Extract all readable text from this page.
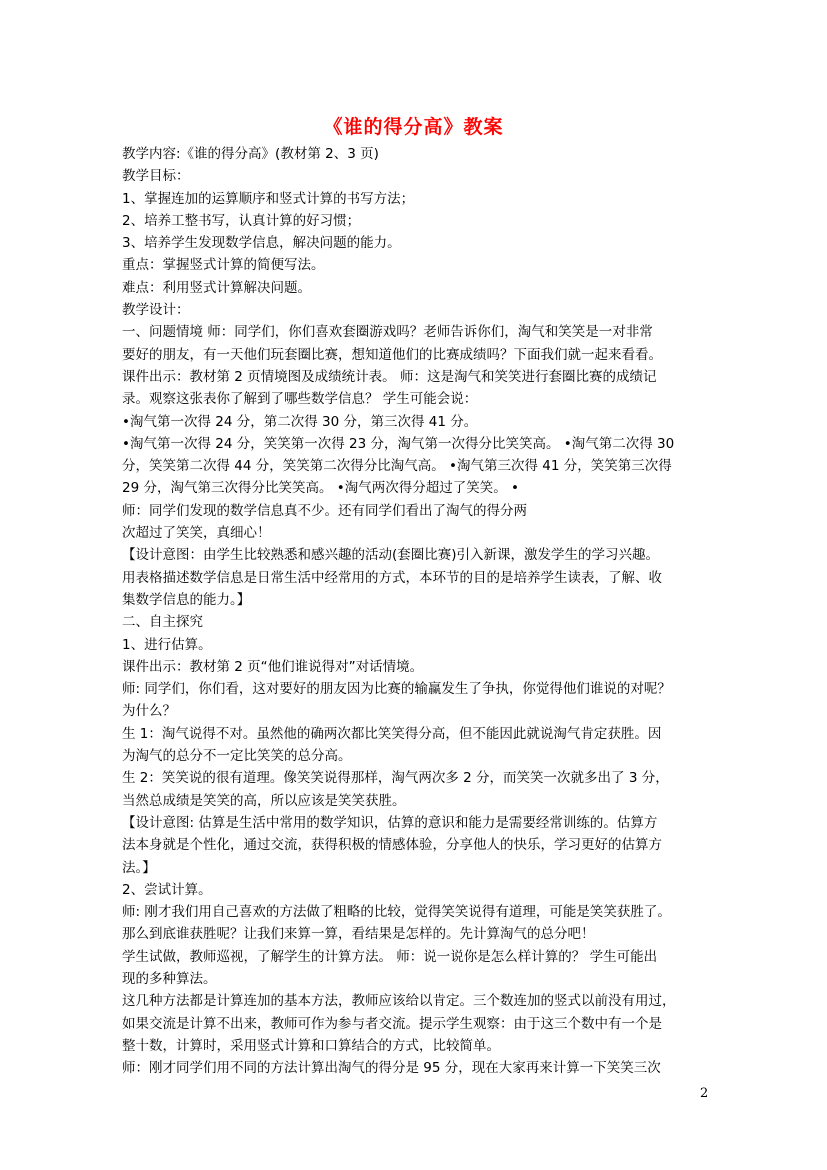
《谁的得分高》教案
教学内容:《谁的得分高》(教材第 2、3 页)
教学目标：
1、掌握连加的运算顺序和竖式计算的书写方法；
2、培养工整书写，认真计算的好习惯；
3、培养学生发现数学信息，解决问题的能力。
重点：掌握竖式计算的简便写法。
难点：利用竖式计算解决问题。
教学设计：
一、问题情境 师：同学们，你们喜欢套圈游戏吗？老师告诉你们，淘气和笑笑是一对非常
要好的朋友，有一天他们玩套圈比赛，想知道他们的比赛成绩吗？下面我们就一起来看看。
课件出示：教材第 2 页情境图及成绩统计表。 师：这是淘气和笑笑进行套圈比赛的成绩记
录。观察这张表你了解到了哪些数学信息？ 学生可能会说：
•淘气第一次得 24 分，第二次得 30 分，第三次得 41 分。
•淘气第一次得 24 分，笑笑第一次得 23 分，淘气第一次得分比笑笑高。 •淘气第二次得 30
分，笑笑第二次得 44 分，笑笑第二次得分比淘气高。 •淘气第三次得 41 分，笑笑第三次得
29 分，淘气第三次得分比笑笑高。 •淘气两次得分超过了笑笑。 •
师：同学们发现的数学信息真不少。还有同学们看出了淘气的得分两
次超过了笑笑，真细心！
【设计意图：由学生比较熟悉和感兴趣的活动(套圈比赛)引入新课，激发学生的学习兴趣。
用表格描述数学信息是日常生活中经常用的方式，本环节的目的是培养学生读表，了解、收
集数学信息的能力。】
二、自主探究
1、进行估算。
课件出示：教材第 2 页“他们谁说得对”对话情境。
师: 同学们，你们看，这对要好的朋友因为比赛的输赢发生了争执，你觉得他们谁说的对呢？
为什么？
生 1：淘气说得不对。虽然他的确两次都比笑笑得分高，但不能因此就说淘气肯定获胜。因
为淘气的总分不一定比笑笑的总分高。
生 2：笑笑说的很有道理。像笑笑说得那样，淘气两次多 2 分，而笑笑一次就多出了 3 分，
当然总成绩是笑笑的高，所以应该是笑笑获胜。
【设计意图: 估算是生活中常用的数学知识，估算的意识和能力是需要经常训练的。估算方
法本身就是个性化，通过交流，获得积极的情感体验，分享他人的快乐，学习更好的估算方
法。】
2、尝试计算。
师: 刚才我们用自己喜欢的方法做了粗略的比较，觉得笑笑说得有道理，可能是笑笑获胜了。
那么到底谁获胜呢？让我们来算一算，看结果是怎样的。先计算淘气的总分吧！
学生试做，教师巡视，了解学生的计算方法。 师：说一说你是怎么样计算的？ 学生可能出
现的多种算法。
这几种方法都是计算连加的基本方法，教师应该给以肯定。三个数连加的竖式以前没有用过，
如果交流是计算不出来，教师可作为参与者交流。提示学生观察：由于这三个数中有一个是
整十数，计算时，采用竖式计算和口算结合的方式，比较简单。
师：刚才同学们用不同的方法计算出淘气的得分是 95 分，现在大家再来计算一下笑笑三次
2
